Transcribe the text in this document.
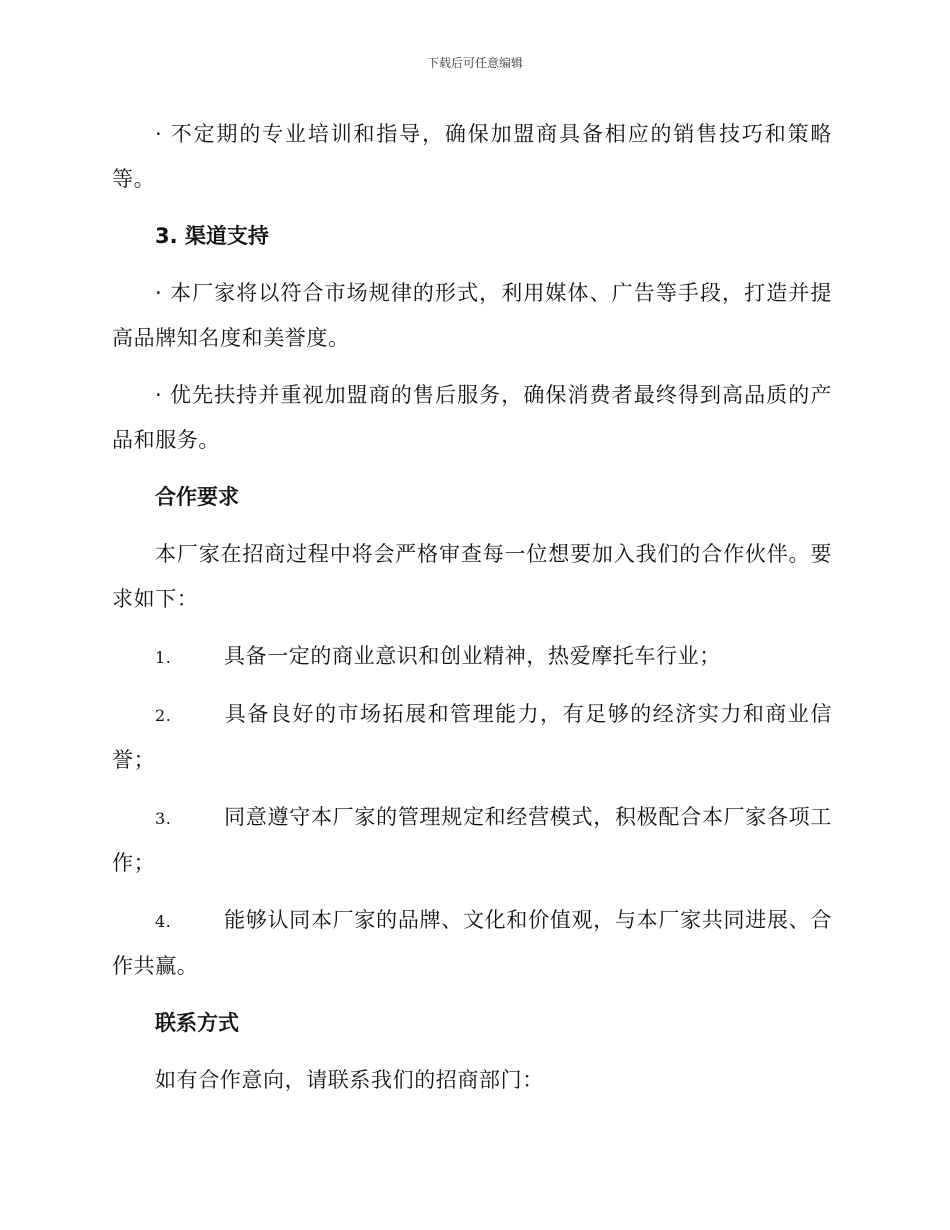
下载后可任意编辑

· 不定期的专业培训和指导，确保加盟商具备相应的销售技巧和策略等。

3. 渠道支持

· 本厂家将以符合市场规律的形式，利用媒体、广告等手段，打造并提高品牌知名度和美誉度。

· 优先扶持并重视加盟商的售后服务，确保消费者最终得到高品质的产品和服务。

合作要求

本厂家在招商过程中将会严格审查每一位想要加入我们的合作伙伴。要求如下：

1.	具备一定的商业意识和创业精神，热爱摩托车行业；

2.	具备良好的市场拓展和管理能力，有足够的经济实力和商业信誉；

3.	同意遵守本厂家的管理规定和经营模式，积极配合本厂家各项工作；

4.	能够认同本厂家的品牌、文化和价值观，与本厂家共同进展、合作共赢。

联系方式

如有合作意向，请联系我们的招商部门：
